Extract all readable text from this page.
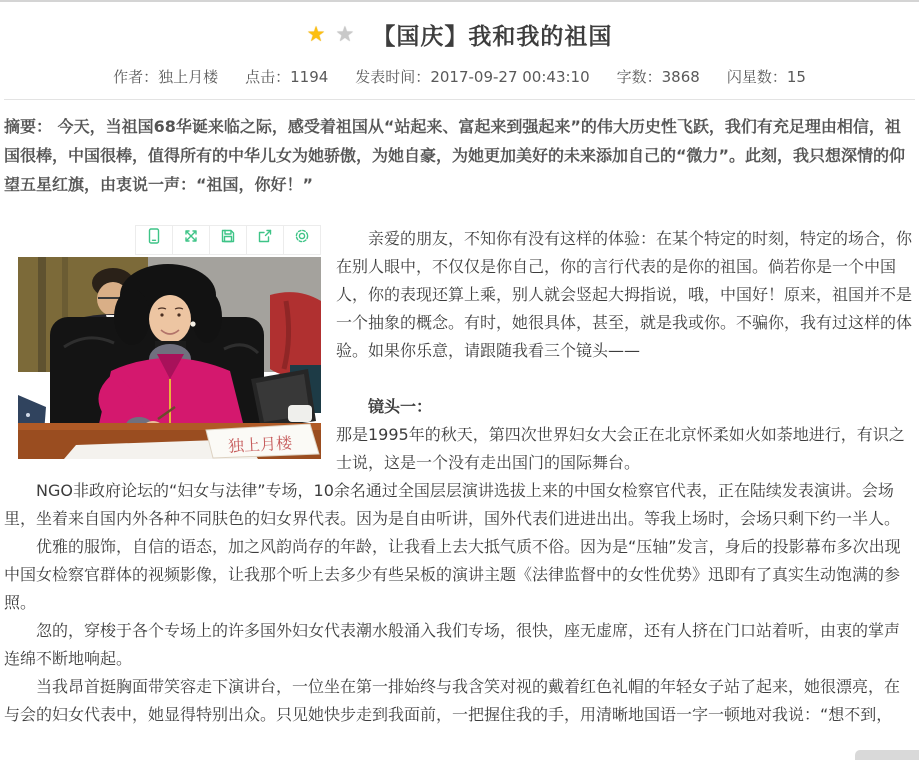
★ ★ 【国庆】我和我的祖国
作者：独上月楼 点击：1194 发表时间：2017-09-27 00:43:10 字数：3868 闪星数：15
摘要： 今天，当祖国68华诞来临之际，感受着祖国从“站起来、富起来到强起来”的伟大历史性飞跃，我们有充足理由相信，祖国很棒，中国很棒，值得所有的中华儿女为她骄傲，为她自豪，为她更加美好的未来添加自己的“微力”。此刻，我只想深情的仰望五星红旗，由衷说一声：“祖国，你好！”
独上月楼

亲爱的朋友，不知你有没有这样的体验：在某个特定的时刻，特定的场合，你在别人眼中，不仅仅是你自己，你的言行代表的是你的祖国。倘若你是一个中国人，你的表现还算上乘，别人就会竖起大拇指说，哦，中国好！原来，祖国并不是一个抽象的概念。有时，她很具体，甚至，就是我或你。不骗你，我有过这样的体验。如果你乐意，请跟随我看三个镜头——

镜头一：

那是1995年的秋天，第四次世界妇女大会正在北京怀柔如火如荼地进行，有识之士说，这是一个没有走出国门的国际舞台。

NGO非政府论坛的“妇女与法律”专场，10余名通过全国层层演讲选拔上来的中国女检察官代表，正在陆续发表演讲。会场里，坐着来自国内外各种不同肤色的妇女界代表。因为是自由听讲，国外代表们进进出出。等我上场时，会场只剩下约一半人。

优雅的服饰，自信的语态，加之风韵尚存的年龄，让我看上去大抵气质不俗。因为是“压轴”发言，身后的投影幕布多次出现中国女检察官群体的视频影像，让我那个听上去多少有些呆板的演讲主题《法律监督中的女性优势》迅即有了真实生动饱满的参照。

忽的，穿梭于各个专场上的许多国外妇女代表潮水般涌入我们专场，很快，座无虚席，还有人挤在门口站着听，由衷的掌声连绵不断地响起。

当我昂首挺胸面带笑容走下演讲台，一位坐在第一排始终与我含笑对视的戴着红色礼帽的年轻女子站了起来，她很漂亮，在与会的妇女代表中，她显得特别出众。只见她快步走到我面前，一把握住我的手，用清晰地国语一字一顿地对我说：“想不到，
